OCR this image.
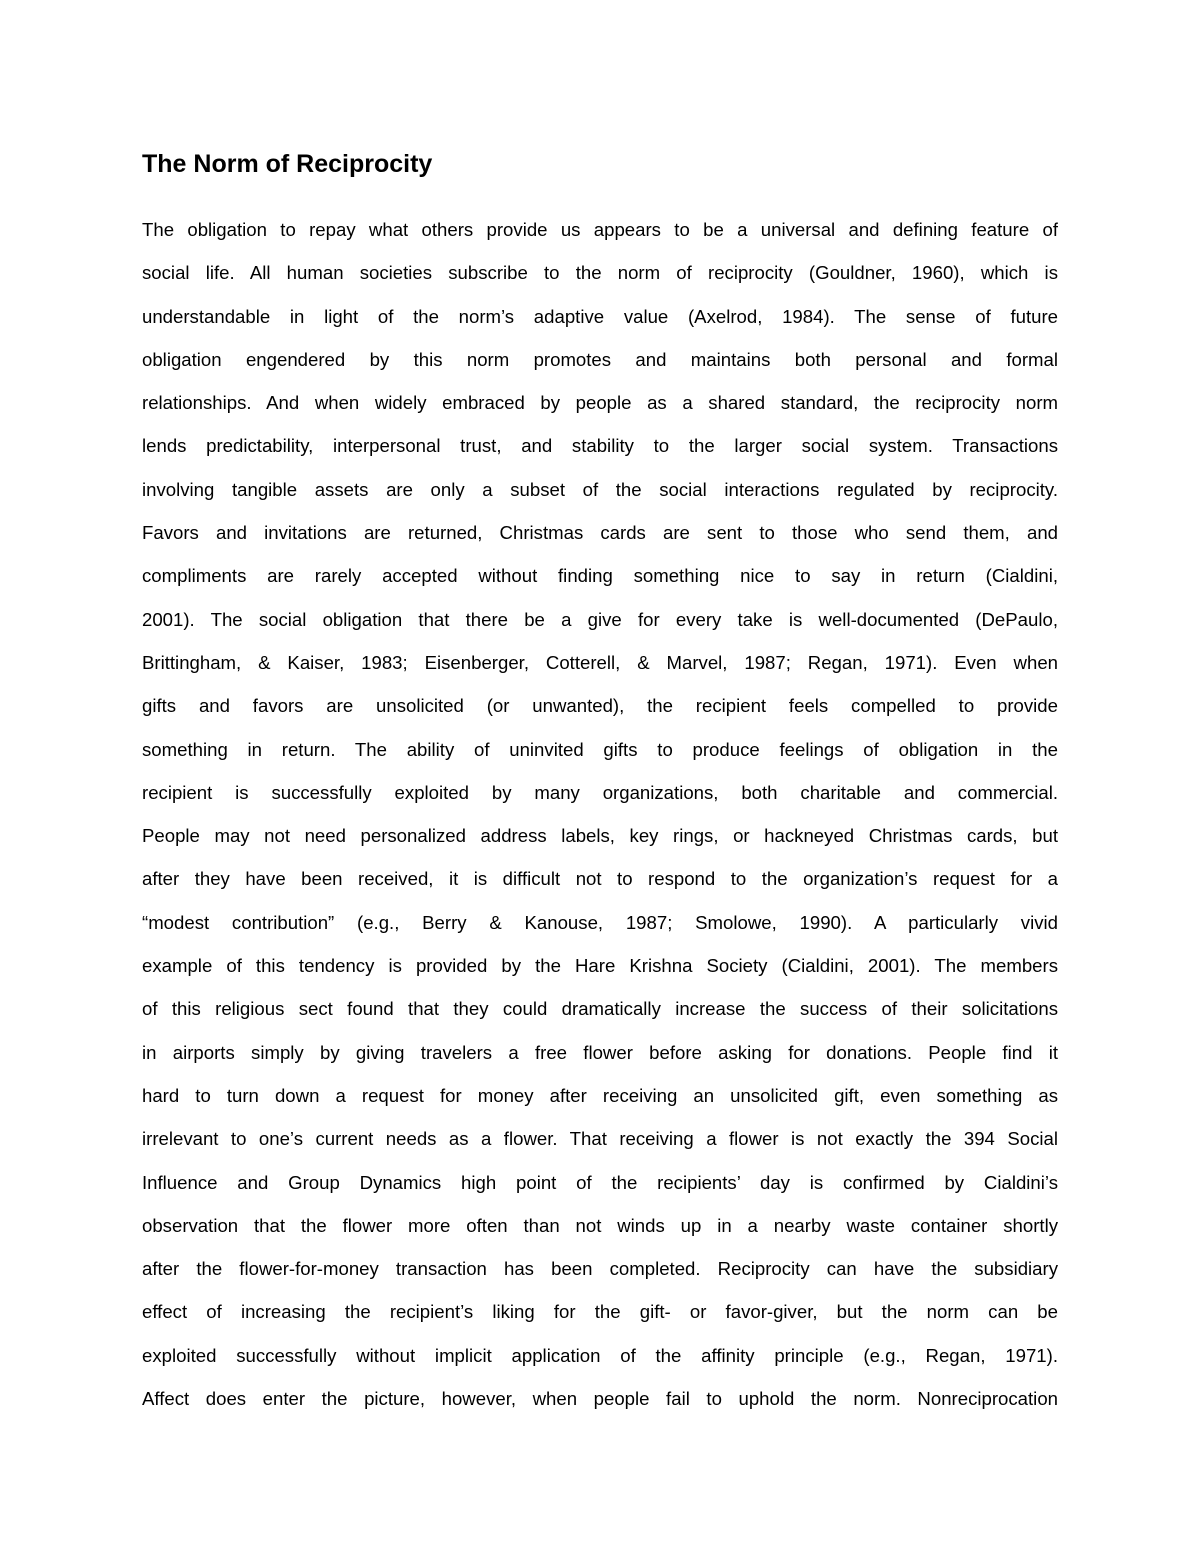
The Norm of Reciprocity
The obligation to repay what others provide us appears to be a universal and defining feature of
social life. All human societies subscribe to the norm of reciprocity (Gouldner, 1960), which is
understandable in light of the norm’s adaptive value (Axelrod, 1984). The sense of future
obligation engendered by this norm promotes and maintains both personal and formal
relationships. And when widely embraced by people as a shared standard, the reciprocity norm
lends predictability, interpersonal trust, and stability to the larger social system. Transactions
involving tangible assets are only a subset of the social interactions regulated by reciprocity.
Favors and invitations are returned, Christmas cards are sent to those who send them, and
compliments are rarely accepted without finding something nice to say in return (Cialdini,
2001). The social obligation that there be a give for every take is well-documented (DePaulo,
Brittingham, & Kaiser, 1983; Eisenberger, Cotterell, & Marvel, 1987; Regan, 1971). Even when
gifts and favors are unsolicited (or unwanted), the recipient feels compelled to provide
something in return. The ability of uninvited gifts to produce feelings of obligation in the
recipient is successfully exploited by many organizations, both charitable and commercial.
People may not need personalized address labels, key rings, or hackneyed Christmas cards, but
after they have been received, it is difficult not to respond to the organization’s request for a
“modest contribution” (e.g., Berry & Kanouse, 1987; Smolowe, 1990). A particularly vivid
example of this tendency is provided by the Hare Krishna Society (Cialdini, 2001). The members
of this religious sect found that they could dramatically increase the success of their solicitations
in airports simply by giving travelers a free flower before asking for donations. People find it
hard to turn down a request for money after receiving an unsolicited gift, even something as
irrelevant to one’s current needs as a flower. That receiving a flower is not exactly the 394 Social
Influence and Group Dynamics high point of the recipients’ day is confirmed by Cialdini’s
observation that the flower more often than not winds up in a nearby waste container shortly
after the flower-for-money transaction has been completed. Reciprocity can have the subsidiary
effect of increasing the recipient’s liking for the gift- or favor-giver, but the norm can be
exploited successfully without implicit application of the affinity principle (e.g., Regan, 1971).
Affect does enter the picture, however, when people fail to uphold the norm. Nonreciprocation
